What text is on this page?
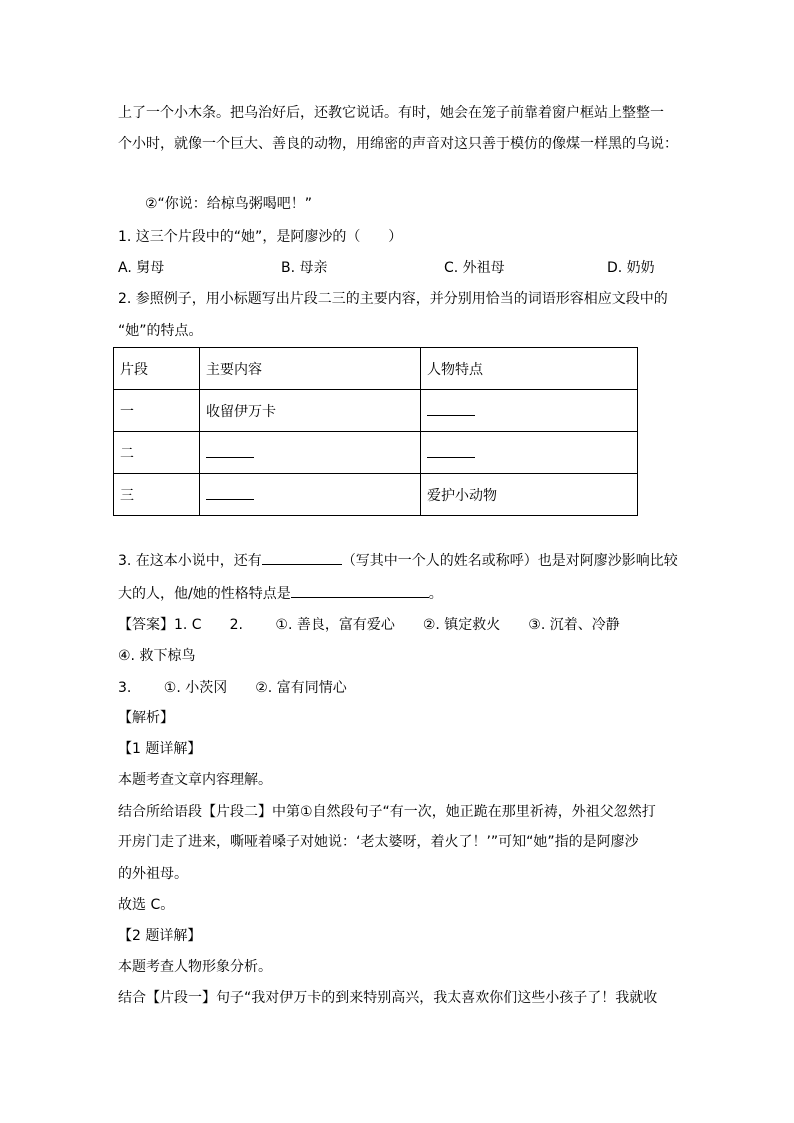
上了一个小木条。把乌治好后，还教它说话。有时，她会在笼子前靠着窗户框站上整整一
个小时，就像一个巨大、善良的动物，用绵密的声音对这只善于模仿的像煤一样黑的乌说：
②“你说：给椋鸟粥喝吧！”
1. 这三个片段中的“她”，是阿廖沙的（　　）
A. 舅母	B. 母亲	C. 外祖母	D. 奶奶
2. 参照例子，用小标题写出片段二三的主要内容，并分别用恰当的词语形容相应文段中的
“她”的特点。
片段	主要内容	人物特点
一	收留伊万卡	
二		
三		爱护小动物
3. 在这本小说中，还有	（写其中一个人的姓名或称呼）也是对阿廖沙影响比较
大的人，他/她的性格特点是	。
【答案】1. C　　2.　　 ①. 善良，富有爱心　　②. 镇定救火　　③. 沉着、冷静
④. 救下椋鸟
3.　　 ①. 小茨冈　　②. 富有同情心
【解析】
【1 题详解】
本题考查文章内容理解。
结合所给语段【片段二】中第①自然段句子“有一次，她正跪在那里祈祷，外祖父忽然打
开房门走了进来，嘶哑着嗓子对她说：‘老太婆呀，着火了！’”可知“她”指的是阿廖沙
的外祖母。
故选 C。
【2 题详解】
本题考查人物形象分析。
结合【片段一】句子“我对伊万卡的到来特别高兴，我太喜欢你们这些小孩子了！我就收
